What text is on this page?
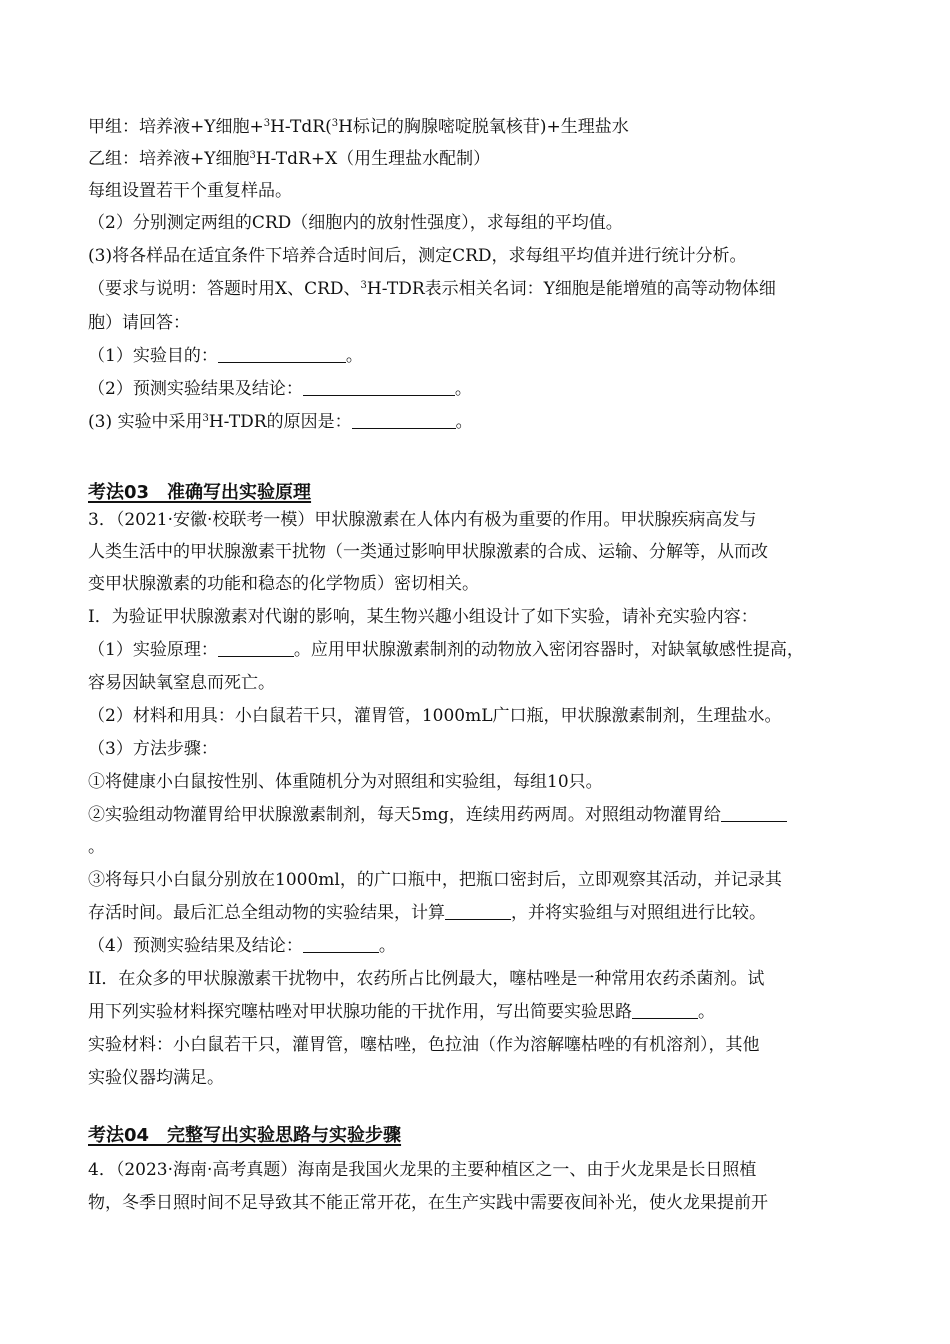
甲组：培养液+Y细胞+$^3$H-TdR($^3$H标记的胸腺嘧啶脱氧核苷)+生理盐水
乙组：培养液+Y细胞$^3$H-TdR+X（用生理盐水配制）
每组设置若干个重复样品。
（2）分别测定两组的CRD（细胞内的放射性强度），求每组的平均值。
(3)将各样品在适宜条件下培养合适时间后，测定CRD，求每组平均值并进行统计分析。
（要求与说明：答题时用X、CRD、$^3$H-TDR表示相关名词：Y细胞是能增殖的高等动物体细
胞）请回答：
（1）实验目的：	。
（2）预测实验结果及结论：	。
(3) 实验中采用$^3$H-TDR的原因是：	。
考法03　准确写出实验原理
3．（2021·安徽·校联考一模）甲状腺激素在人体内有极为重要的作用。甲状腺疾病高发与
人类生活中的甲状腺激素干扰物（一类通过影响甲状腺激素的合成、运输、分解等，从而改
变甲状腺激素的功能和稳态的化学物质）密切相关。
I．为验证甲状腺激素对代谢的影响，某生物兴趣小组设计了如下实验，请补充实验内容：
（1）实验原理：	。应用甲状腺激素制剂的动物放入密闭容器时，对缺氧敏感性提高，
容易因缺氧窒息而死亡。
（2）材料和用具：小白鼠若干只，灌胃管，1000mL广口瓶，甲状腺激素制剂，生理盐水。
（3）方法步骤：
①将健康小白鼠按性别、体重随机分为对照组和实验组，每组10只。
②实验组动物灌胃给甲状腺激素制剂，每天5mg，连续用药两周。对照组动物灌胃给
。
③将每只小白鼠分别放在1000ml，的广口瓶中，把瓶口密封后，立即观察其活动，并记录其
存活时间。最后汇总全组动物的实验结果，计算	，并将实验组与对照组进行比较。
（4）预测实验结果及结论：	。
II．在众多的甲状腺激素干扰物中，农药所占比例最大，噻枯唑是一种常用农药杀菌剂。试
用下列实验材料探究噻枯唑对甲状腺功能的干扰作用，写出简要实验思路	。
实验材料：小白鼠若干只，灌胃管，噻枯唑，色拉油（作为溶解噻枯唑的有机溶剂），其他
实验仪器均满足。
考法04　完整写出实验思路与实验步骤
4．（2023·海南·高考真题）海南是我国火龙果的主要种植区之一、由于火龙果是长日照植
物，冬季日照时间不足导致其不能正常开花，在生产实践中需要夜间补光，使火龙果提前开
